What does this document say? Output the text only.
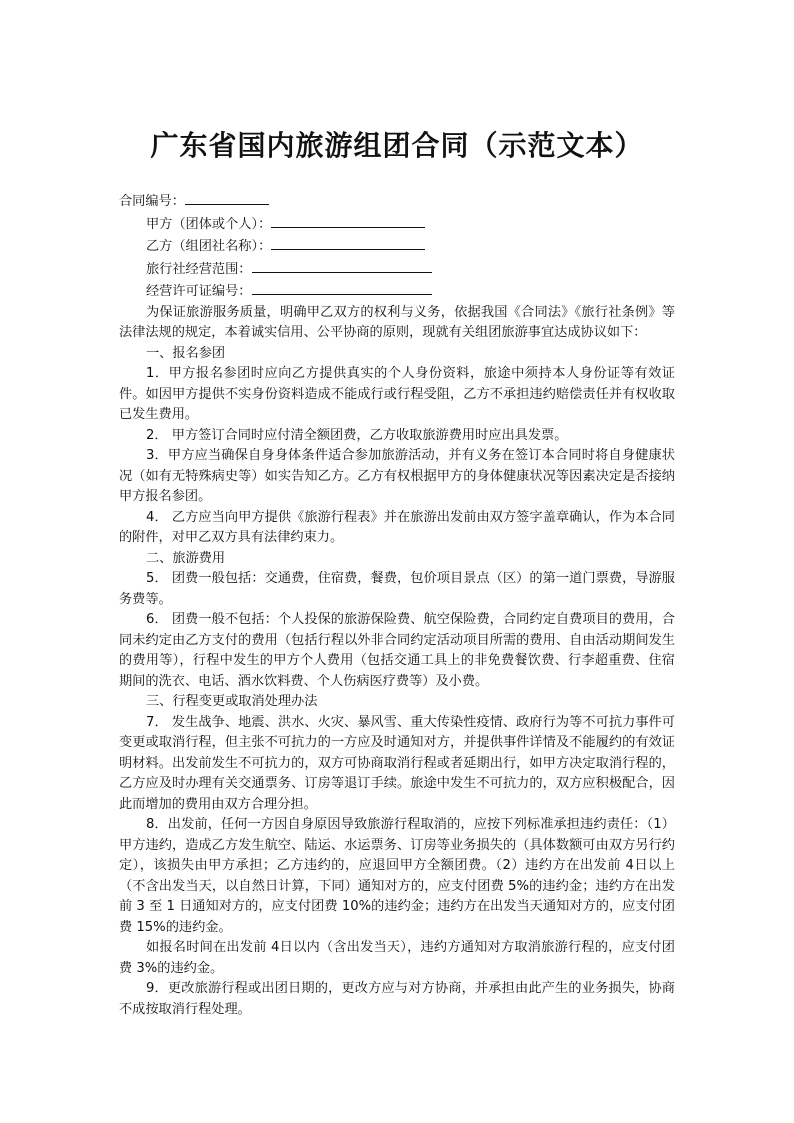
广东省国内旅游组团合同（示范文本）
合同编号：
甲方（团体或个人）：
乙方（组团社名称）：
旅行社经营范围：
经营许可证编号：

为保证旅游服务质量，明确甲乙双方的权利与义务，依据我国《合同法》《旅行社条例》等法律法规的规定，本着诚实信用、公平协商的原则，现就有关组团旅游事宜达成协议如下：

一、报名参团

1．甲方报名参团时应向乙方提供真实的个人身份资料，旅途中须持本人身份证等有效证件。如因甲方提供不实身份资料造成不能成行或行程受阻，乙方不承担违约赔偿责任并有权收取已发生费用。

2． 甲方签订合同时应付清全额团费，乙方收取旅游费用时应出具发票。

3．甲方应当确保自身身体条件适合参加旅游活动，并有义务在签订本合同时将自身健康状况（如有无特殊病史等）如实告知乙方。乙方有权根据甲方的身体健康状况等因素决定是否接纳甲方报名参团。

4． 乙方应当向甲方提供《旅游行程表》并在旅游出发前由双方签字盖章确认，作为本合同的附件，对甲乙双方具有法律约束力。

二、旅游费用

5． 团费一般包括：交通费，住宿费，餐费，包价项目景点（区）的第一道门票费，导游服务费等。

6． 团费一般不包括：个人投保的旅游保险费、航空保险费，合同约定自费项目的费用，合同未约定由乙方支付的费用（包括行程以外非合同约定活动项目所需的费用、自由活动期间发生的费用等），行程中发生的甲方个人费用（包括交通工具上的非免费餐饮费、行李超重费、住宿期间的洗衣、电话、酒水饮料费、个人伤病医疗费等）及小费。

三、行程变更或取消处理办法

7． 发生战争、地震、洪水、火灾、暴风雪、重大传染性疫情、政府行为等不可抗力事件可变更或取消行程，但主张不可抗力的一方应及时通知对方，并提供事件详情及不能履约的有效证明材料。出发前发生不可抗力的，双方可协商取消行程或者延期出行，如甲方决定取消行程的，乙方应及时办理有关交通票务、订房等退订手续。旅途中发生不可抗力的，双方应积极配合，因此而增加的费用由双方合理分担。

8．出发前，任何一方因自身原因导致旅游行程取消的，应按下列标准承担违约责任：（1）甲方违约，造成乙方发生航空、陆运、水运票务、订房等业务损失的（具体数额可由双方另行约定），该损失由甲方承担；乙方违约的，应退回甲方全额团费。（2）违约方在出发前 4日以上（不含出发当天，以自然日计算，下同）通知对方的，应支付团费 5%的违约金；违约方在出发前 3 至 1 日通知对方的，应支付团费 10%的违约金；违约方在出发当天通知对方的，应支付团费 15%的违约金。

如报名时间在出发前 4日以内（含出发当天），违约方通知对方取消旅游行程的，应支付团费 3%的违约金。

9．更改旅游行程或出团日期的，更改方应与对方协商，并承担由此产生的业务损失，协商不成按取消行程处理。
